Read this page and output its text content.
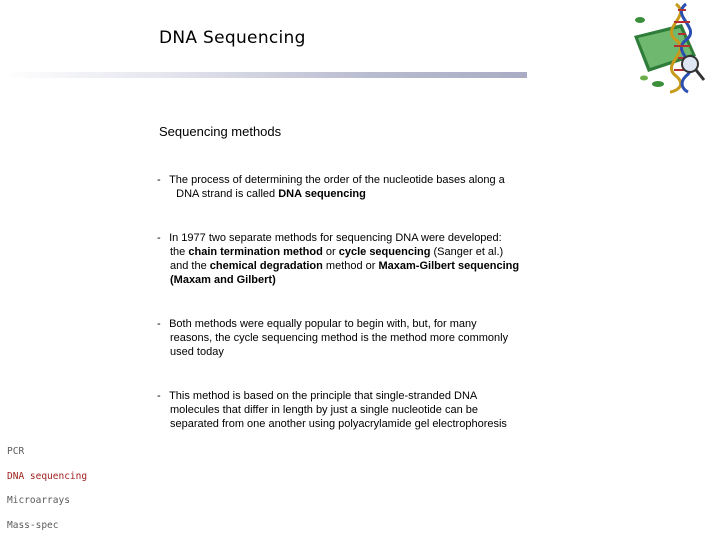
DNA Sequencing
Sequencing methods
- The process of determining the order of the nucleotide bases along a
DNA strand is called DNA sequencing
- In 1977 two separate methods for sequencing DNA were developed:
the chain termination method or cycle sequencing (Sanger et al.)
and the chemical degradation method or Maxam-Gilbert sequencing
(Maxam and Gilbert)
- Both methods were equally popular to begin with, but, for many
reasons, the cycle sequencing method is the method more commonly
used today
- This method is based on the principle that single-stranded DNA
molecules that differ in length by just a single nucleotide can be
separated from one another using polyacrylamide gel electrophoresis
PCR
DNA sequencing
Microarrays
Mass-spec
